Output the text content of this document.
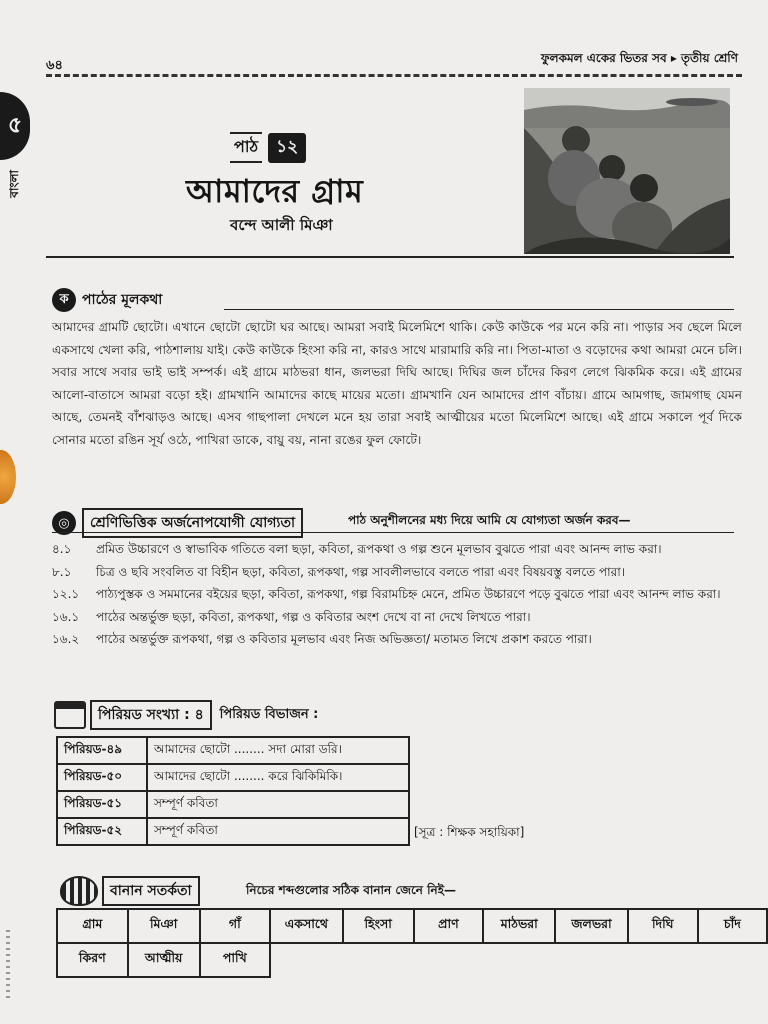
৬৪	ফুলকমল একের ভিতর সব ▸ তৃতীয় শ্রেণি
৫
বাংলা
পাঠ	১২
আমাদের গ্রাম
বন্দে আলী মিঞা
ক পাঠের মূলকথা
আমাদের গ্রামটি ছোটো। এখানে ছোটো ছোটো ঘর আছে। আমরা সবাই মিলেমিশে থাকি। কেউ কাউকে পর মনে করি না। পাড়ার সব ছেলে মিলে একসাথে খেলা করি, পাঠশালায় যাই। কেউ কাউকে হিংসা করি না, কারও সাথে মারামারি করি না। পিতা-মাতা ও বড়োদের কথা আমরা মেনে চলি। সবার সাথে সবার ভাই ভাই সম্পর্ক। এই গ্রামে মাঠভরা ধান, জলভরা দিঘি আছে। দিঘির জল চাঁদের কিরণ লেগে ঝিকমিক করে। এই গ্রামের আলো-বাতাসে আমরা বড়ো হই। গ্রামখানি আমাদের কাছে মায়ের মতো। গ্রামখানি যেন আমাদের প্রাণ বাঁচায়। গ্রামে আমগাছ, জামগাছ যেমন আছে, তেমনই বাঁশঝাড়ও আছে। এসব গাছপালা দেখলে মনে হয় তারা সবাই আত্মীয়ের মতো মিলেমিশে আছে। এই গ্রামে সকালে পূর্ব দিকে সোনার মতো রঙিন সূর্য ওঠে, পাখিরা ডাকে, বায়ু বয়, নানা রঙের ফুল ফোটে।
◎	শ্রেণিভিত্তিক অর্জনোপযোগী যোগ্যতা	পাঠ অনুশীলনের মধ্য দিয়ে আমি যে যোগ্যতা অর্জন করব—
৪.১	প্রমিত উচ্চারণে ও স্বাভাবিক গতিতে বলা ছড়া, কবিতা, রূপকথা ও গল্প শুনে মূলভাব বুঝতে পারা এবং আনন্দ লাভ করা।
৮.১	চিত্র ও ছবি সংবলিত বা বিহীন ছড়া, কবিতা, রূপকথা, গল্প সাবলীলভাবে বলতে পারা এবং বিষয়বস্তু বলতে পারা।
১২.১	পাঠ্যপুস্তক ও সমমানের বইয়ের ছড়া, কবিতা, রূপকথা, গল্প বিরামচিহ্ন মেনে, প্রমিত উচ্চারণে পড়ে বুঝতে পারা এবং আনন্দ লাভ করা।
১৬.১	পাঠের অন্তর্ভুক্ত ছড়া, কবিতা, রূপকথা, গল্প ও কবিতার অংশ দেখে বা না দেখে লিখতে পারা।
১৬.২	পাঠের অন্তর্ভুক্ত রূপকথা, গল্প ও কবিতার মূলভাব এবং নিজ অভিজ্ঞতা/ মতামত লিখে প্রকাশ করতে পারা।
পিরিয়ড সংখ্যা : ৪	পিরিয়ড বিভাজন :
পিরিয়ড-৪৯	আমাদের ছোটো ........ সদা মোরা ডরি।
পিরিয়ড-৫০	আমাদের ছোটো ........ করে ঝিকিমিকি।
পিরিয়ড-৫১	সম্পূর্ণ কবিতা
পিরিয়ড-৫২	সম্পূর্ণ কবিতা	[সূত্র : শিক্ষক সহায়িকা]
বানান সতর্কতা	নিচের শব্দগুলোর সঠিক বানান জেনে নিই—
গ্রাম	মিঞা	গাঁ	একসাথে	হিংসা	প্রাণ	মাঠভরা	জলভরা	দিঘি	চাঁদ
কিরণ	আত্মীয়	পাখি							
